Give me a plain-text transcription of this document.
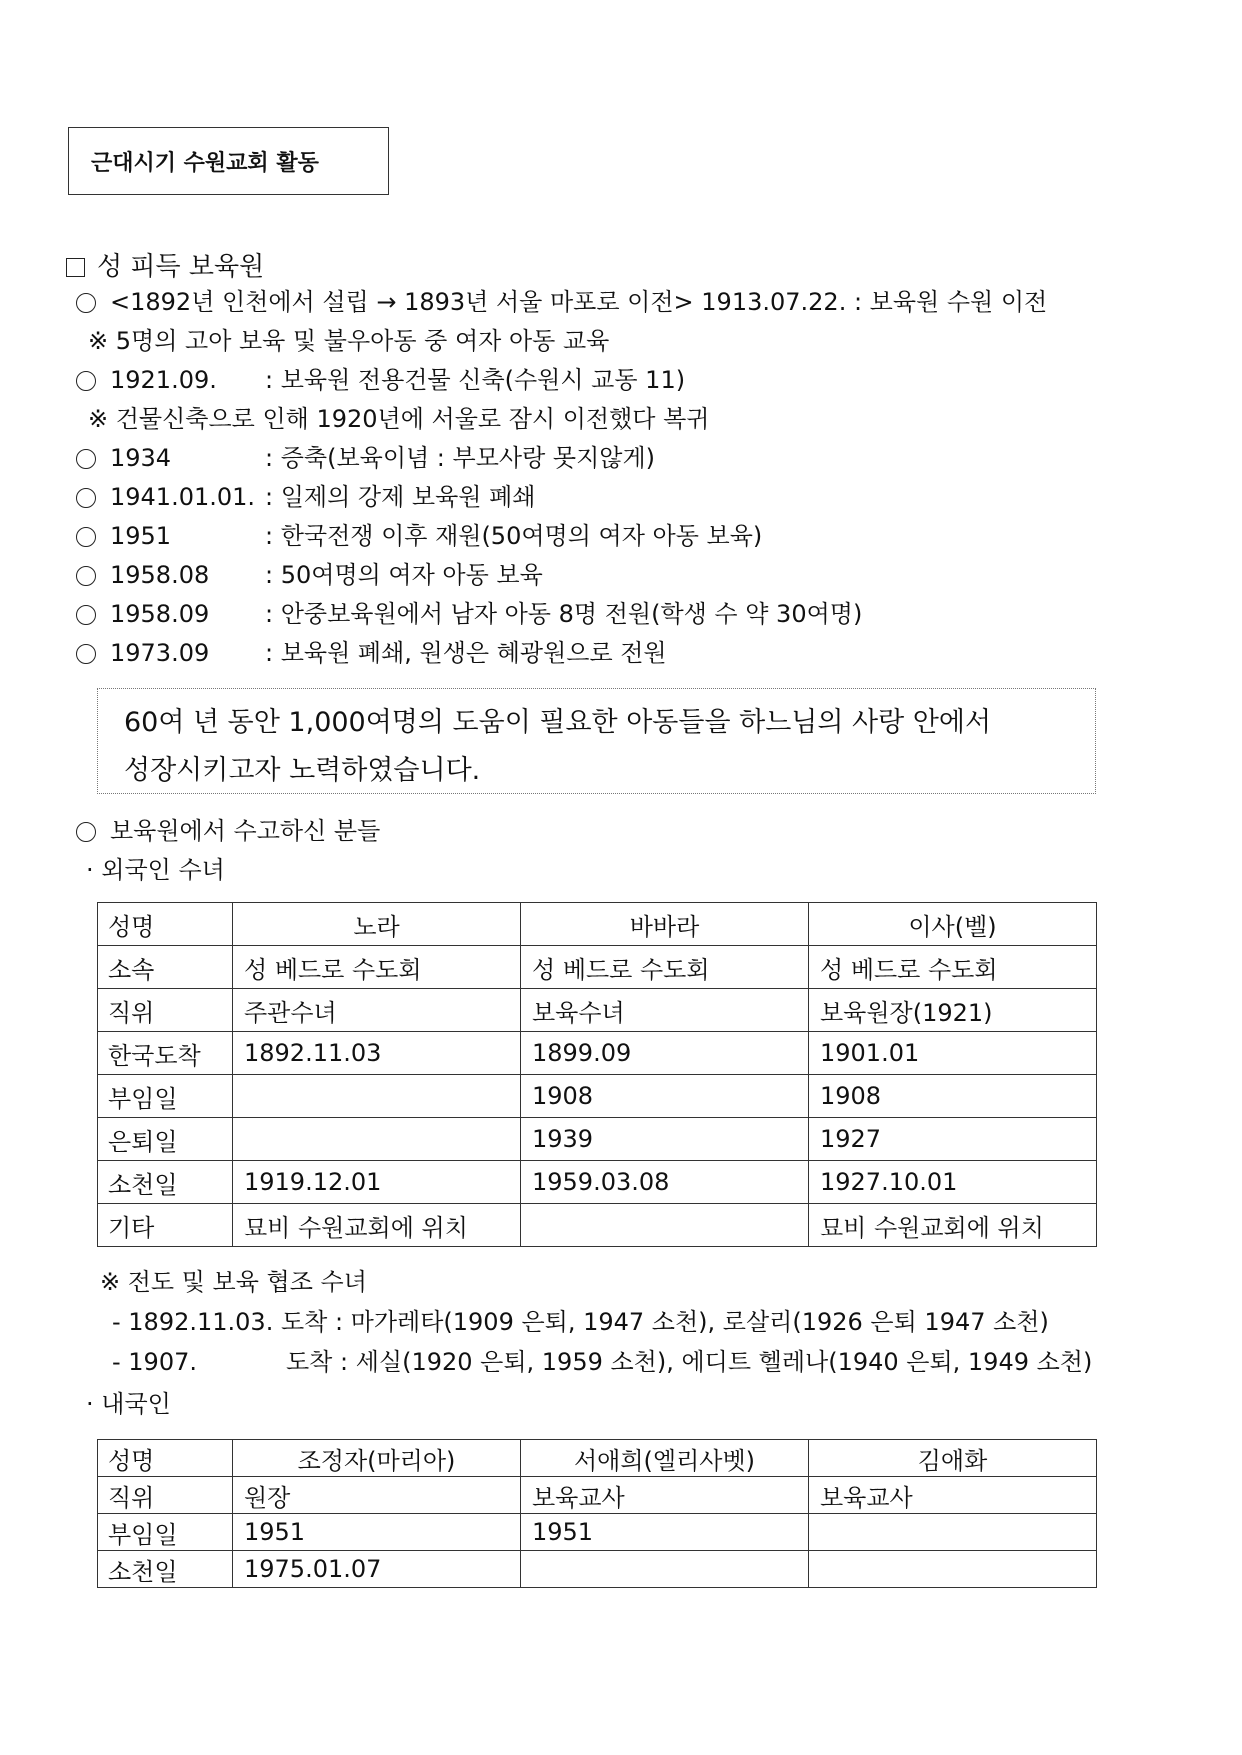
근대시기 수원교회 활동
성 피득 보육원
<1892년 인천에서 설립 → 1893년 서울 마포로 이전> 1913.07.22. : 보육원 수원 이전
※ 5명의 고아 보육 및 불우아동 중 여자 아동 교육
1921.09. : 보육원 전용건물 신축(수원시 교동 11)
※ 건물신축으로 인해 1920년에 서울로 잠시 이전했다 복귀
1934	: 증축(보육이념 : 부모사랑 못지않게)
1941.01.01. : 일제의 강제 보육원 폐쇄
1951	: 한국전쟁 이후 재원(50여명의 여자 아동 보육)
1958.08 : 50여명의 여자 아동 보육
1958.09 : 안중보육원에서 남자 아동 8명 전원(학생 수 약 30여명)
1973.09 : 보육원 폐쇄, 원생은 혜광원으로 전원
60여 년 동안 1,000여명의 도움이 필요한 아동들을 하느님의 사랑 안에서
성장시키고자 노력하였습니다.
보육원에서 수고하신 분들
· 외국인 수녀
성명	노라	바바라	이사(벨)
소속	성 베드로 수도회	성 베드로 수도회	성 베드로 수도회
직위	주관수녀	보육수녀	보육원장(1921)
한국도착	1892.11.03	1899.09	1901.01
부임일		1908	1908
은퇴일		1939	1927
소천일	1919.12.01	1959.03.08	1927.10.01
기타	묘비 수원교회에 위치		묘비 수원교회에 위치
※ 전도 및 보육 협조 수녀
- 1892.11.03. 도착 : 마가레타(1909 은퇴, 1947 소천), 로살리(1926 은퇴 1947 소천)
- 1907.	도착 : 세실(1920 은퇴, 1959 소천), 에디트 헬레나(1940 은퇴, 1949 소천)
· 내국인
성명	조정자(마리아)	서애희(엘리사벳)	김애화
직위	원장	보육교사	보육교사
부임일	1951	1951	
소천일	1975.01.07		
